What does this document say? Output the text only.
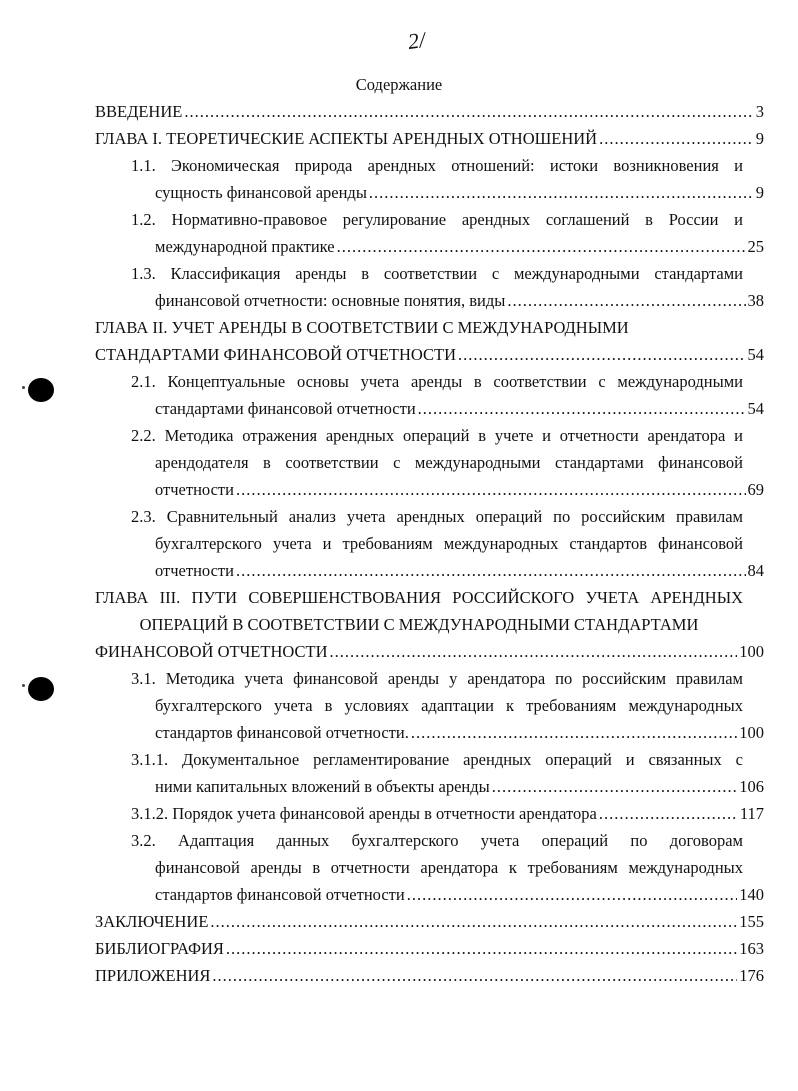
2/
Содержание
ВВЕДЕНИЕ .....	3
ГЛАВА I. ТЕОРЕТИЧЕСКИЕ АСПЕКТЫ АРЕНДНЫХ ОТНОШЕНИЙ .....	9
1.1. Экономическая природа арендных отношений: истоки возникновения и
сущность финансовой аренды .....	9
1.2. Нормативно-правовое регулирование арендных соглашений в России и
международной практике .....	25
1.3. Классификация аренды в соответствии с международными стандартами
финансовой отчетности: основные понятия, виды .....	38
ГЛАВА II. УЧЕТ АРЕНДЫ В СООТВЕТСТВИИ С МЕЖДУНАРОДНЫМИ
СТАНДАРТАМИ ФИНАНСОВОЙ ОТЧЕТНОСТИ .....	54
2.1. Концептуальные основы учета аренды в соответствии с международными
стандартами финансовой отчетности .....	54
2.2. Методика отражения арендных операций в учете и отчетности арендатора и
арендодателя в соответствии с международными стандартами финансовой
отчетности .....	69
2.3. Сравнительный анализ учета арендных операций по российским правилам
бухгалтерского учета и требованиям международных стандартов финансовой
отчетности .....	84
ГЛАВА III. ПУТИ СОВЕРШЕНСТВОВАНИЯ РОССИЙСКОГО УЧЕТА АРЕНДНЫХ
ОПЕРАЦИЙ В СООТВЕТСТВИИ С МЕЖДУНАРОДНЫМИ СТАНДАРТАМИ
ФИНАНСОВОЙ ОТЧЕТНОСТИ .....	100
3.1. Методика учета финансовой аренды у арендатора по российским правилам
бухгалтерского учета в условиях адаптации к требованиям международных
стандартов финансовой отчетности. .....	100
3.1.1. Документальное регламентирование арендных операций и связанных с
ними капитальных вложений в объекты аренды .....	106
3.1.2. Порядок учета финансовой аренды в отчетности арендатора .....	117
3.2. Адаптация данных бухгалтерского учета операций по договорам
финансовой аренды в отчетности арендатора к требованиям международных
стандартов финансовой отчетности .....	140
ЗАКЛЮЧЕНИЕ .....	155
БИБЛИОГРАФИЯ .....	163
ПРИЛОЖЕНИЯ .....	176
